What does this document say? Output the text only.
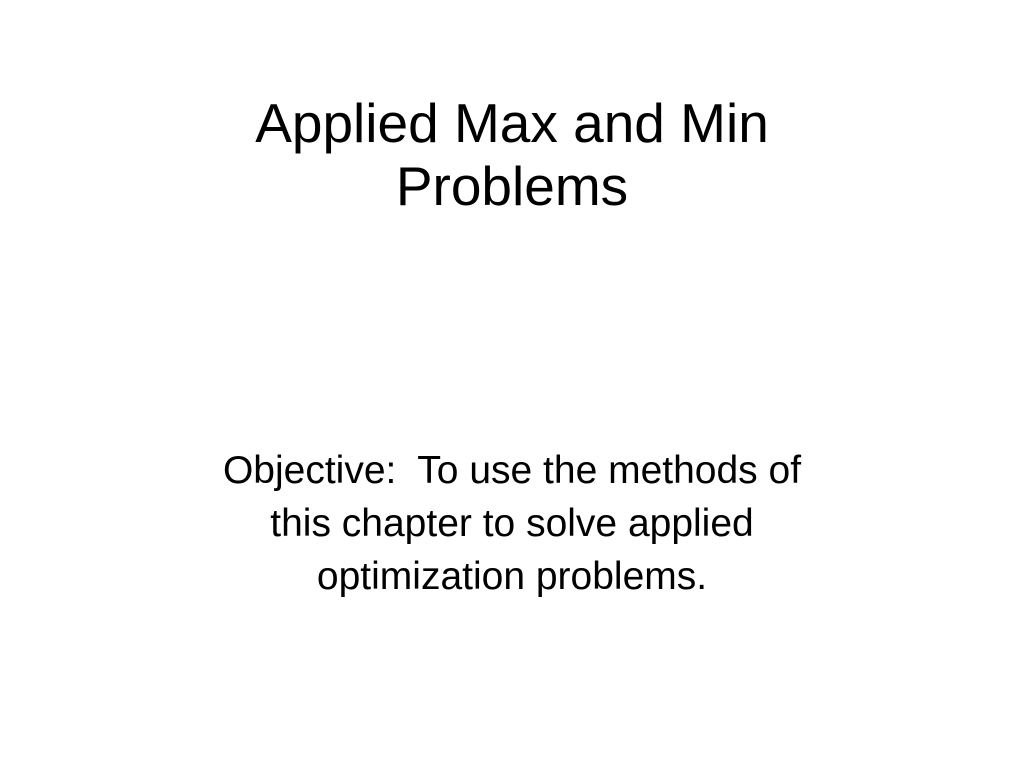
Applied Max and Min
Problems
Objective:  To use the methods of
this chapter to solve applied
optimization problems.
